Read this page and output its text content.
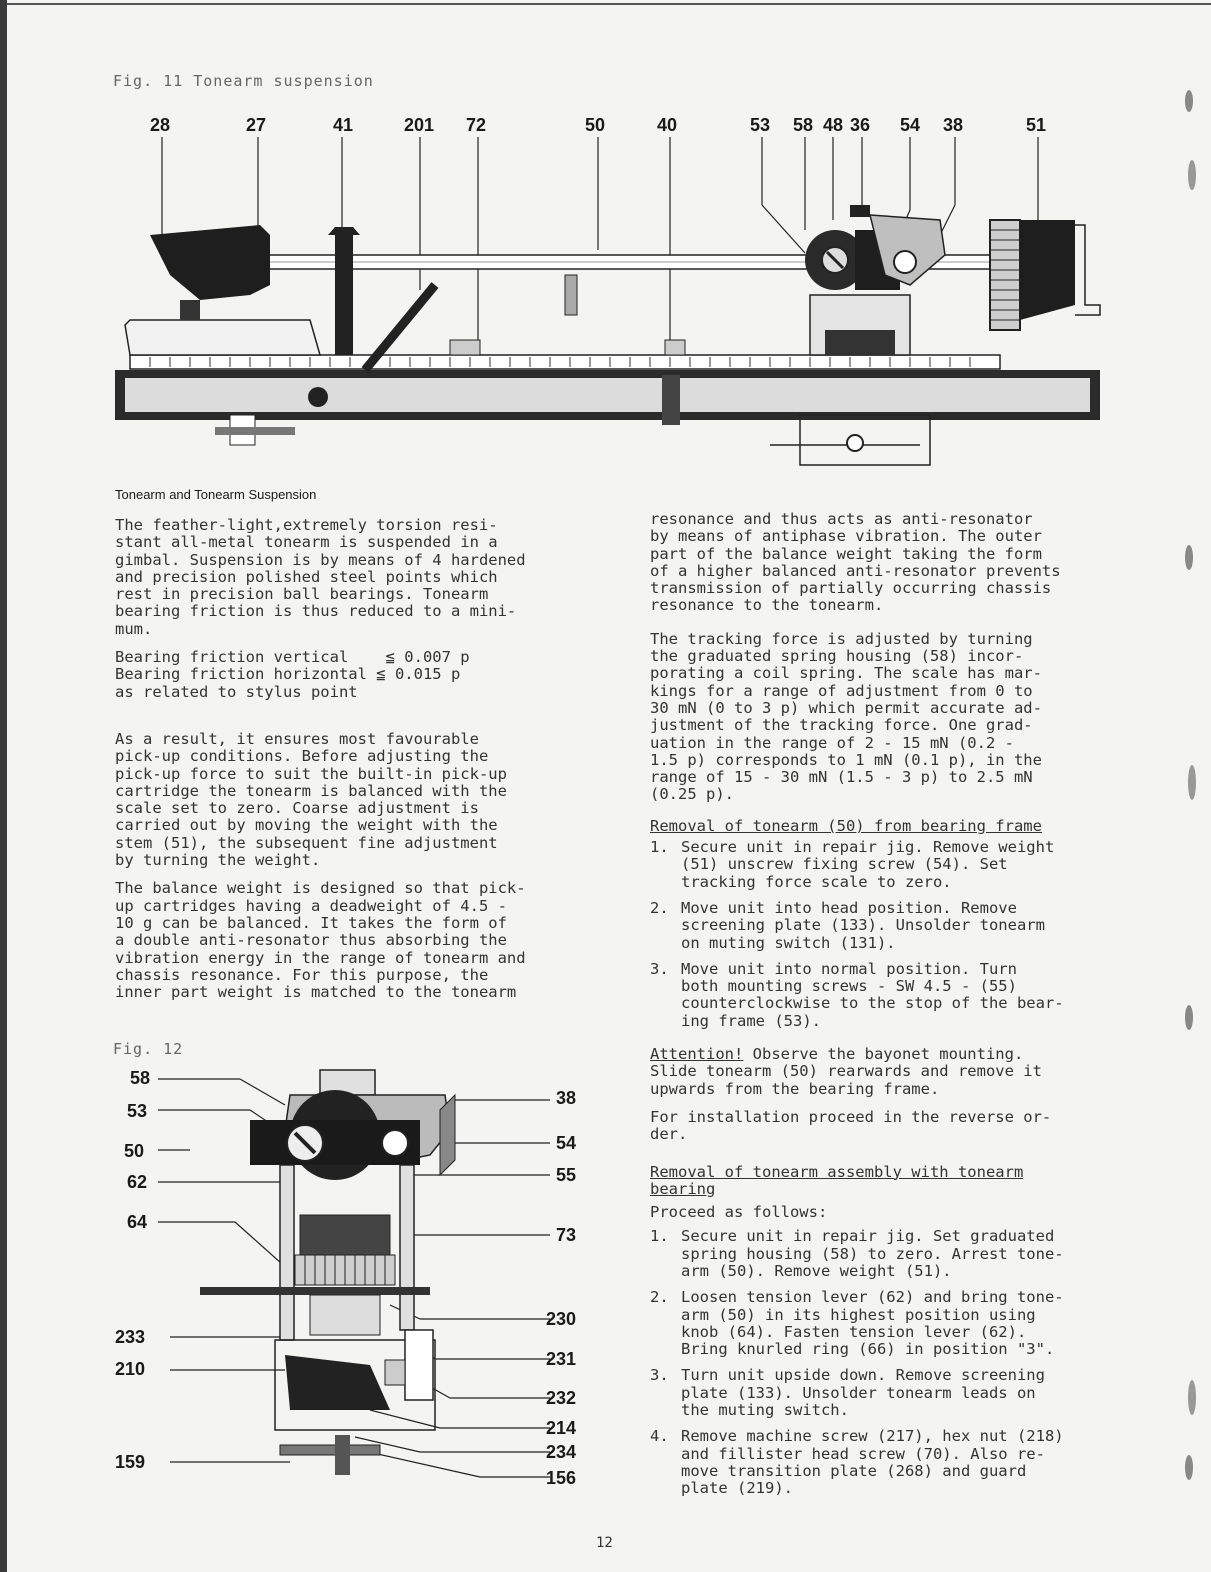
Fig. 11 Tonearm suspension
28	27	41	201 72	50	40	53 58 48 36 54 38	51
Tonearm and Tonearm Suspension

The feather-light,extremely torsion resi-
stant all-metal tonearm is suspended in a
gimbal. Suspension is by means of 4 hardened
and precision polished steel points which
rest in precision ball bearings. Tonearm
bearing friction is thus reduced to a mini-
mum.

Bearing friction vertical    ≦ 0.007 p
Bearing friction horizontal ≦ 0.015 p
as related to stylus point

As a result, it ensures most favourable
pick-up conditions. Before adjusting the
pick-up force to suit the built-in pick-up
cartridge the tonearm is balanced with the
scale set to zero. Coarse adjustment is
carried out by moving the weight with the
stem (51), the subsequent fine adjustment
by turning the weight.

The balance weight is designed so that pick-
up cartridges having a deadweight of 4.5 -
10 g can be balanced. It takes the form of
a double anti-resonator thus absorbing the
vibration energy in the range of tonearm and
chassis resonance. For this purpose, the
inner part weight is matched to the tonearm

Fig. 12
58
53
50
62
64
233
210
159
38
54
55
73
230
231
232
214
234
156

resonance and thus acts as anti-resonator
by means of antiphase vibration. The outer
part of the balance weight taking the form
of a higher balanced anti-resonator prevents
transmission of partially occurring chassis
resonance to the tonearm.

The tracking force is adjusted by turning
the graduated spring housing (58) incor-
porating a coil spring. The scale has mar-
kings for a range of adjustment from 0 to
30 mN (0 to 3 p) which permit accurate ad-
justment of the tracking force. One grad-
uation in the range of 2 - 15 mN (0.2 -
1.5 p) corresponds to 1 mN (0.1 p), in the
range of 15 - 30 mN (1.5 - 3 p) to 2.5 mN
(0.25 p).

Removal of tonearm (50) from bearing frame

1. Secure unit in repair jig. Remove weight
(51) unscrew fixing screw (54). Set
tracking force scale to zero.
2. Move unit into head position. Remove
screening plate (133). Unsolder tonearm
on muting switch (131).
3. Move unit into normal position. Turn
both mounting screws - SW 4.5 - (55)
counterclockwise to the stop of the bear-
ing frame (53).

Attention! Observe the bayonet mounting.
Slide tonearm (50) rearwards and remove it
upwards from the bearing frame.

For installation proceed in the reverse or-
der.

Removal of tonearm assembly with tonearm
bearing

Proceed as follows:

1. Secure unit in repair jig. Set graduated
spring housing (58) to zero. Arrest tone-
arm (50). Remove weight (51).
2. Loosen tension lever (62) and bring tone-
arm (50) in its highest position using
knob (64). Fasten tension lever (62).
Bring knurled ring (66) in position "3".
3. Turn unit upside down. Remove screening
plate (133). Unsolder tonearm leads on
the muting switch.
4. Remove machine screw (217), hex nut (218)
and fillister head screw (70). Also re-
move transition plate (268) and guard
plate (219).
12
